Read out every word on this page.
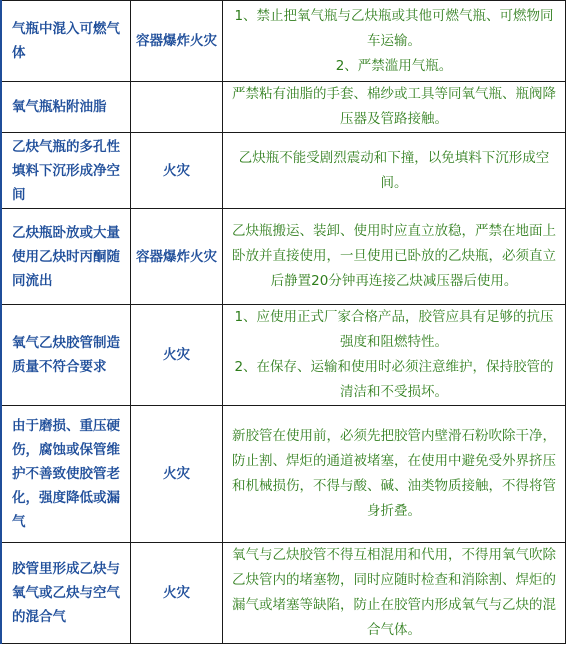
气瓶中混入可燃气体	容器爆炸火灾	1、禁止把氧气瓶与乙炔瓶或其他可燃气瓶、可燃物同车运输。
2、严禁滥用气瓶。

氧气瓶粘附油脂		严禁粘有油脂的手套、棉纱或工具等同氧气瓶、瓶阀降压器及管路接触。

乙炔气瓶的多孔性填料下沉形成净空间	火灾	乙炔瓶不能受剧烈震动和下撞，以免填料下沉形成空间。

乙炔瓶卧放或大量使用乙炔时丙酮随同流出	容器爆炸火灾	乙炔瓶搬运、装卸、使用时应直立放稳，严禁在地面上卧放并直接使用，一旦使用已卧放的乙炔瓶，必须直立后静置20分钟再连接乙炔减压器后使用。

氧气乙炔胶管制造质量不符合要求	火灾	1、应使用正式厂家合格产品，胶管应具有足够的抗压强度和阻燃特性。
2、在保存、运输和使用时必须注意维护，保持胶管的清洁和不受损坏。

由于磨损、重压硬伤，腐蚀或保管维护不善致使胶管老化，强度降低或漏气	火灾	新胶管在使用前，必须先把胶管内壁滑石粉吹除干净，防止割、焊炬的通道被堵塞，在使用中避免受外界挤压和机械损伤，不得与酸、碱、油类物质接触，不得将管身折叠。

胶管里形成乙炔与氧气或乙炔与空气的混合气	火灾	氧气与乙炔胶管不得互相混用和代用，不得用氧气吹除乙炔管内的堵塞物，同时应随时检查和消除割、焊炬的漏气或堵塞等缺陷，防止在胶管内形成氧气与乙炔的混合气体。
